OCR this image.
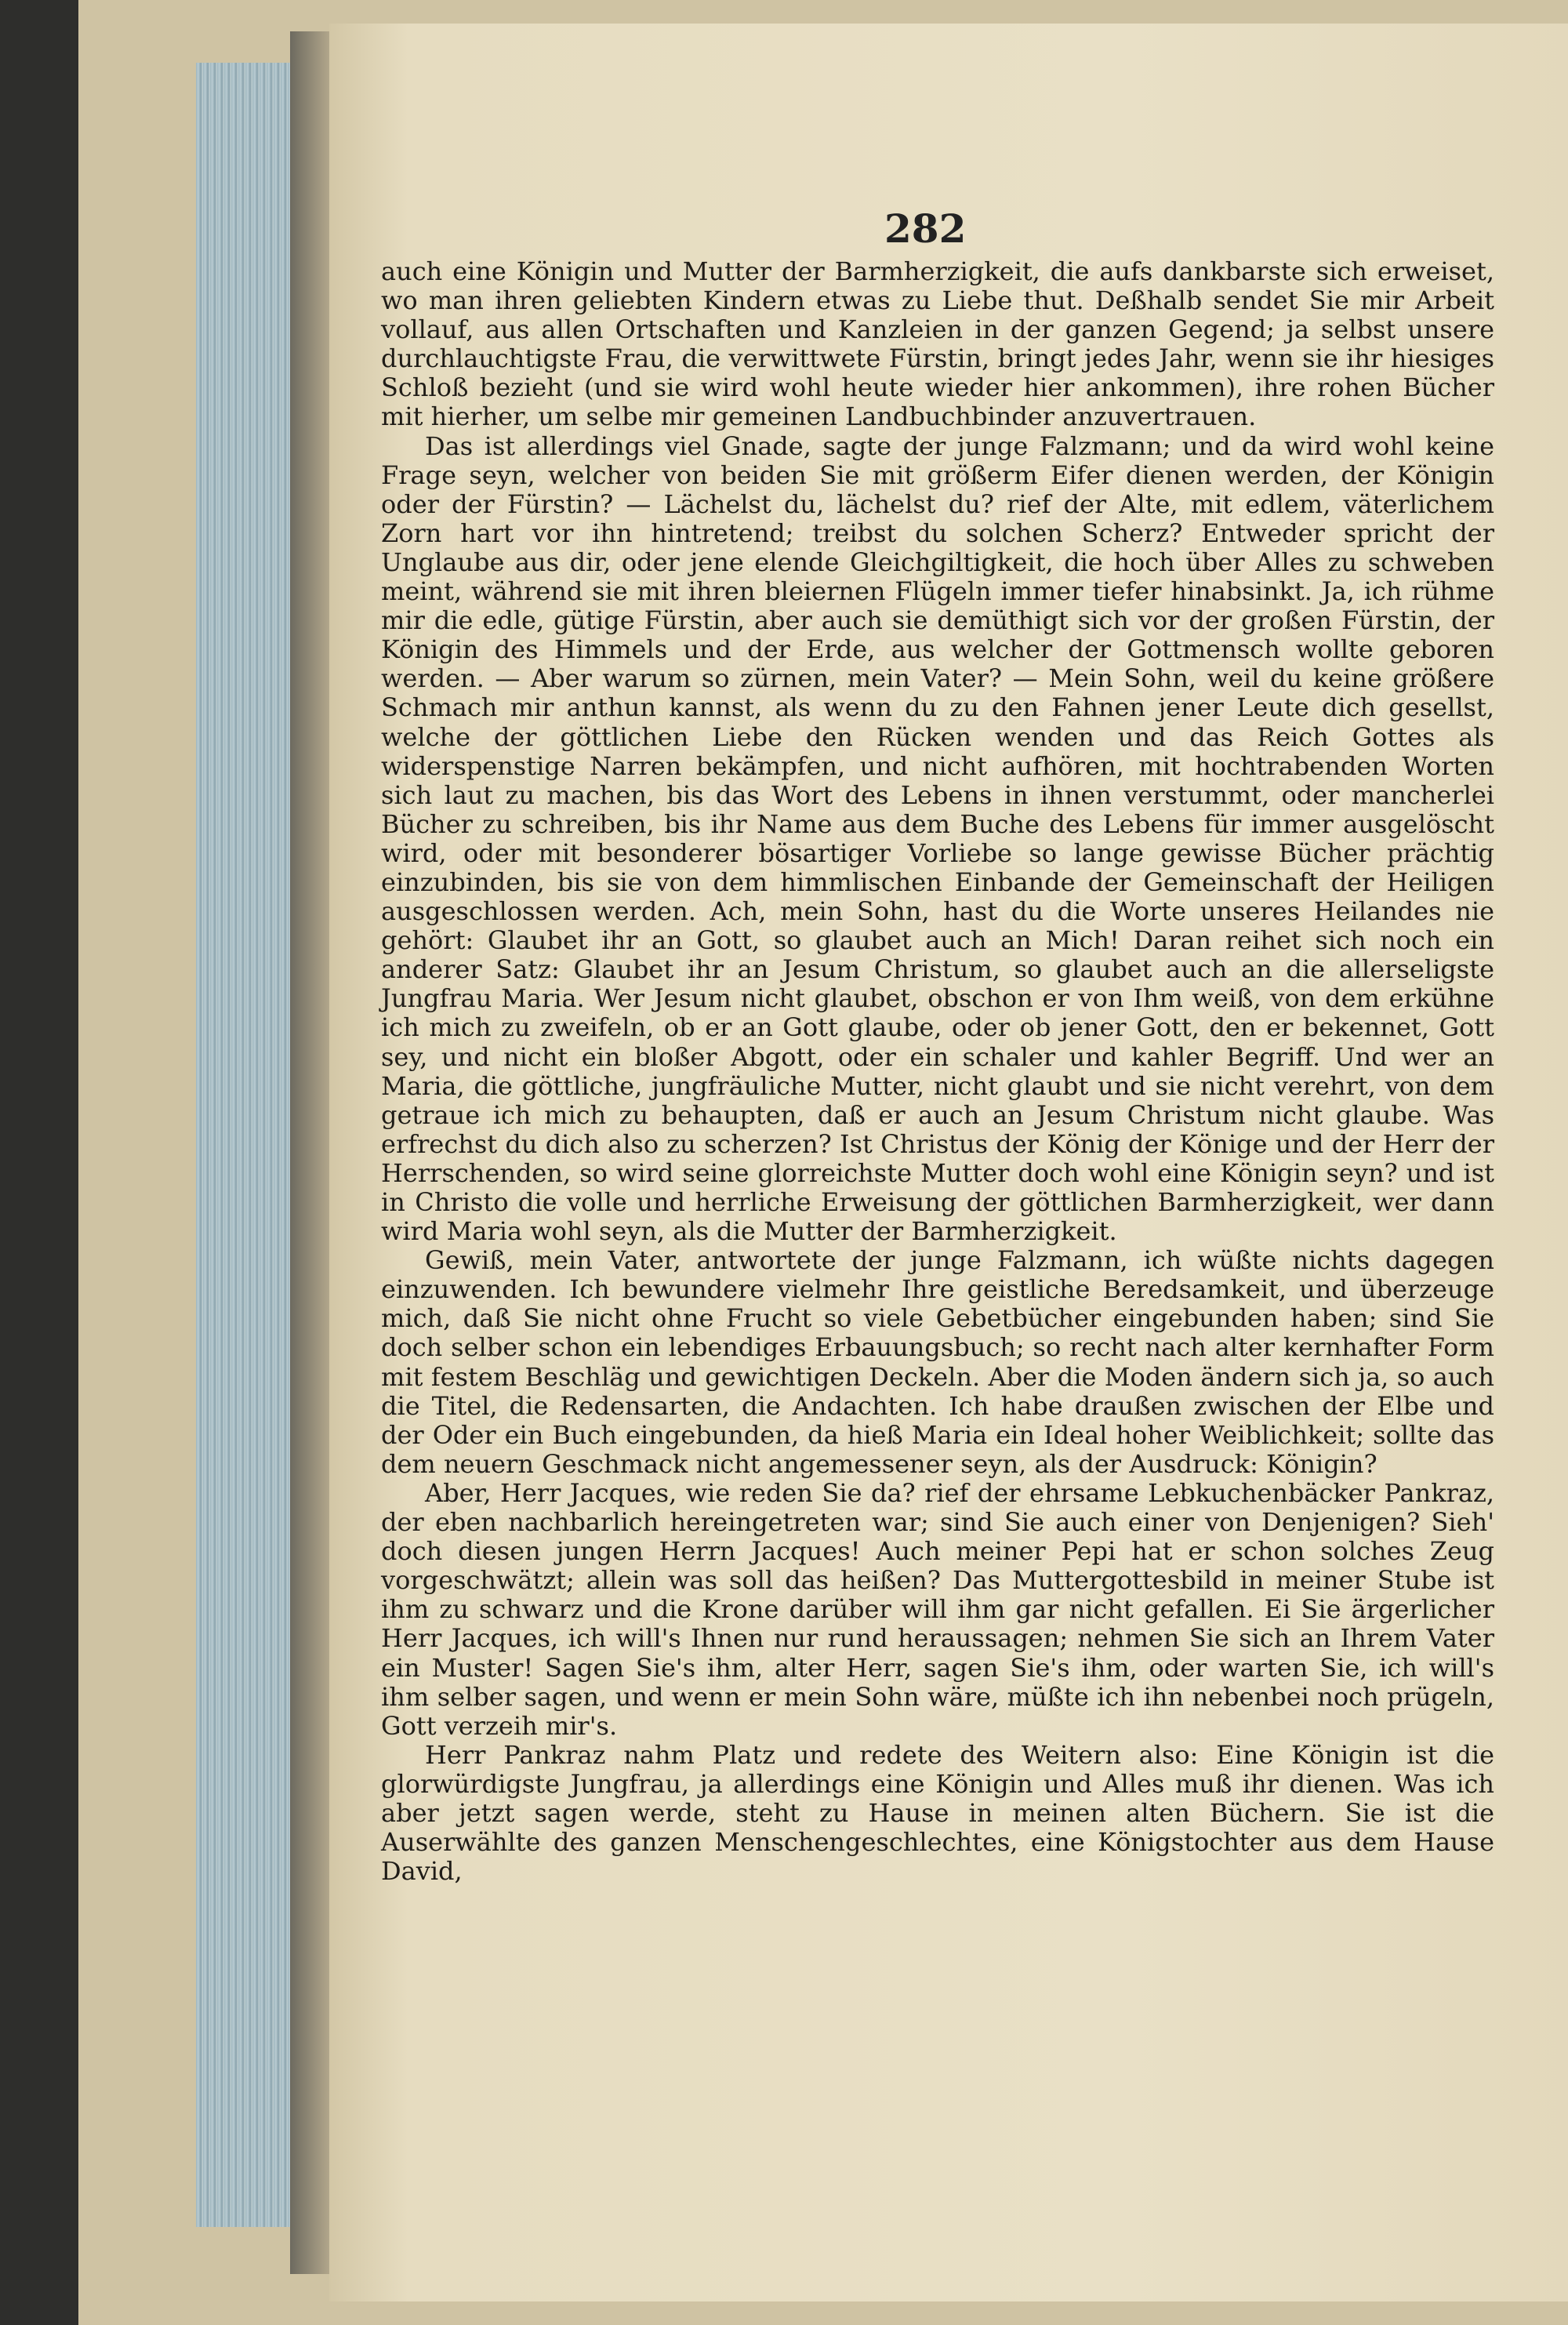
282

auch eine Königin und Mutter der Barmherzigkeit, die aufs dankbarste sich erweiset, wo man ihren geliebten Kindern etwas zu Liebe thut. Deßhalb sendet Sie mir Arbeit vollauf, aus allen Ortschaften und Kanzleien in der ganzen Gegend; ja selbst unsere durchlauchtigste Frau, die verwittwete Fürstin, bringt jedes Jahr, wenn sie ihr hiesiges Schloß bezieht (und sie wird wohl heute wieder hier ankommen), ihre rohen Bücher mit hierher, um selbe mir gemeinen Landbuchbinder anzuvertrauen.

Das ist allerdings viel Gnade, sagte der junge Falzmann; und da wird wohl keine Frage seyn, welcher von beiden Sie mit größerm Eifer dienen werden, der Königin oder der Fürstin? — Lächelst du, lächelst du? rief der Alte, mit edlem, väterlichem Zorn hart vor ihn hintretend; treibst du solchen Scherz? Entweder spricht der Unglaube aus dir, oder jene elende Gleichgiltigkeit, die hoch über Alles zu schweben meint, während sie mit ihren bleiernen Flügeln immer tiefer hinabsinkt. Ja, ich rühme mir die edle, gütige Fürstin, aber auch sie demüthigt sich vor der großen Fürstin, der Königin des Himmels und der Erde, aus welcher der Gottmensch wollte geboren werden. — Aber warum so zürnen, mein Vater? — Mein Sohn, weil du keine größere Schmach mir anthun kannst, als wenn du zu den Fahnen jener Leute dich gesellst, welche der göttlichen Liebe den Rücken wenden und das Reich Gottes als widerspenstige Narren bekämpfen, und nicht aufhören, mit hochtrabenden Worten sich laut zu machen, bis das Wort des Lebens in ihnen verstummt, oder mancherlei Bücher zu schreiben, bis ihr Name aus dem Buche des Lebens für immer ausgelöscht wird, oder mit besonderer bösartiger Vorliebe so lange gewisse Bücher prächtig einzubinden, bis sie von dem himmlischen Einbande der Gemeinschaft der Heiligen ausgeschlossen werden. Ach, mein Sohn, hast du die Worte unseres Heilandes nie gehört: Glaubet ihr an Gott, so glaubet auch an Mich! Daran reihet sich noch ein anderer Satz: Glaubet ihr an Jesum Christum, so glaubet auch an die allerseligste Jungfrau Maria. Wer Jesum nicht glaubet, obschon er von Ihm weiß, von dem erkühne ich mich zu zweifeln, ob er an Gott glaube, oder ob jener Gott, den er bekennet, Gott sey, und nicht ein bloßer Abgott, oder ein schaler und kahler Begriff. Und wer an Maria, die göttliche, jungfräuliche Mutter, nicht glaubt und sie nicht verehrt, von dem getraue ich mich zu behaupten, daß er auch an Jesum Christum nicht glaube. Was erfrechst du dich also zu scherzen? Ist Christus der König der Könige und der Herr der Herrschenden, so wird seine glorreichste Mutter doch wohl eine Königin seyn? und ist in Christo die volle und herrliche Erweisung der göttlichen Barmherzigkeit, wer dann wird Maria wohl seyn, als die Mutter der Barmherzigkeit.

Gewiß, mein Vater, antwortete der junge Falzmann, ich wüßte nichts dagegen einzuwenden. Ich bewundere vielmehr Ihre geistliche Beredsamkeit, und überzeuge mich, daß Sie nicht ohne Frucht so viele Gebetbücher eingebunden haben; sind Sie doch selber schon ein lebendiges Erbauungsbuch; so recht nach alter kernhafter Form mit festem Beschläg und gewichtigen Deckeln. Aber die Moden ändern sich ja, so auch die Titel, die Redensarten, die Andachten. Ich habe draußen zwischen der Elbe und der Oder ein Buch eingebunden, da hieß Maria ein Ideal hoher Weiblichkeit; sollte das dem neuern Geschmack nicht angemessener seyn, als der Ausdruck: Königin?

Aber, Herr Jacques, wie reden Sie da? rief der ehrsame Lebkuchenbäcker Pankraz, der eben nachbarlich hereingetreten war; sind Sie auch einer von Denjenigen? Sieh' doch diesen jungen Herrn Jacques! Auch meiner Pepi hat er schon solches Zeug vorgeschwätzt; allein was soll das heißen? Das Muttergottesbild in meiner Stube ist ihm zu schwarz und die Krone darüber will ihm gar nicht gefallen. Ei Sie ärgerlicher Herr Jacques, ich will's Ihnen nur rund heraussagen; nehmen Sie sich an Ihrem Vater ein Muster! Sagen Sie's ihm, alter Herr, sagen Sie's ihm, oder warten Sie, ich will's ihm selber sagen, und wenn er mein Sohn wäre, müßte ich ihn nebenbei noch prügeln, Gott verzeih mir's.

Herr Pankraz nahm Platz und redete des Weitern also: Eine Königin ist die glorwürdigste Jungfrau, ja allerdings eine Königin und Alles muß ihr dienen. Was ich aber jetzt sagen werde, steht zu Hause in meinen alten Büchern. Sie ist die Auserwählte des ganzen Menschengeschlechtes, eine Königstochter aus dem Hause David,
